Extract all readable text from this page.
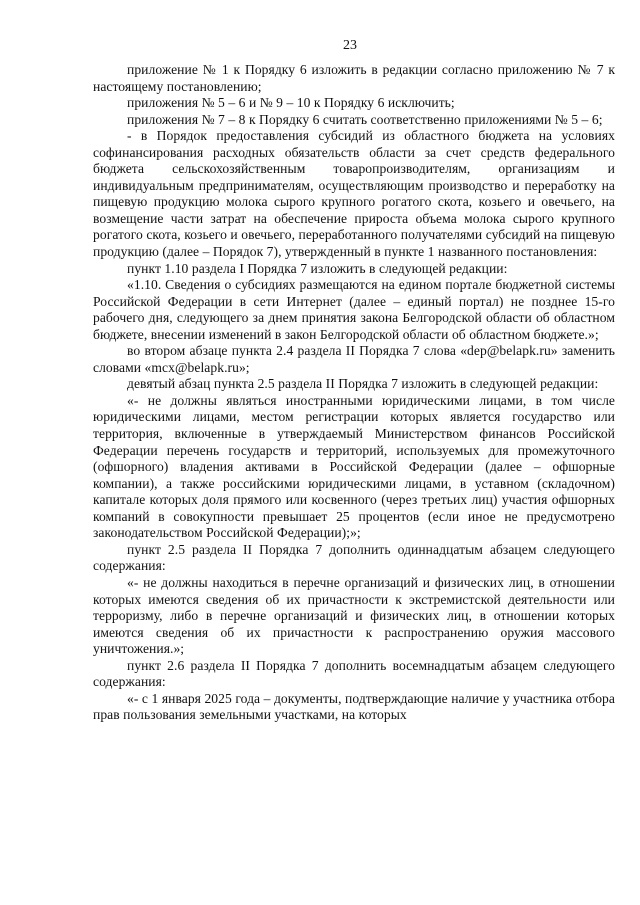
23

приложение № 1 к Порядку 6 изложить в редакции согласно приложению № 7 к настоящему постановлению;

приложения № 5 – 6 и № 9 – 10 к Порядку 6 исключить;

приложения № 7 – 8 к Порядку 6 считать соответственно приложениями № 5 – 6;

- в Порядок предоставления субсидий из областного бюджета на условиях софинансирования расходных обязательств области за счет средств федерального бюджета сельскохозяйственным товаропроизводителям, организациям и индивидуальным предпринимателям, осуществляющим производство и переработку на пищевую продукцию молока сырого крупного рогатого скота, козьего и овечьего, на возмещение части затрат на обеспечение прироста объема молока сырого крупного рогатого скота, козьего и овечьего, переработанного получателями субсидий на пищевую продукцию (далее – Порядок 7), утвержденный в пункте 1 названного постановления:

пункт 1.10 раздела I Порядка 7 изложить в следующей редакции:

«1.10. Сведения о субсидиях размещаются на едином портале бюджетной системы Российской Федерации в сети Интернет (далее – единый портал) не позднее 15-го рабочего дня, следующего за днем принятия закона Белгородской области об областном бюджете, внесении изменений в закон Белгородской области об областном бюджете.»;

во втором абзаце пункта 2.4 раздела II Порядка 7 слова «dep@belapk.ru» заменить словами «mcx@belapk.ru»;

девятый абзац пункта 2.5 раздела II Порядка 7 изложить в следующей редакции:

«- не должны являться иностранными юридическими лицами, в том числе юридическими лицами, местом регистрации которых является государство или территория, включенные в утверждаемый Министерством финансов Российской Федерации перечень государств и территорий, используемых для промежуточного (офшорного) владения активами в Российской Федерации (далее – офшорные компании), а также российскими юридическими лицами, в уставном (складочном) капитале которых доля прямого или косвенного (через третьих лиц) участия офшорных компаний в совокупности превышает 25 процентов (если иное не предусмотрено законодательством Российской Федерации);»;

пункт 2.5 раздела II Порядка 7 дополнить одиннадцатым абзацем следующего содержания:

«- не должны находиться в перечне организаций и физических лиц, в отношении которых имеются сведения об их причастности к экстремистской деятельности или терроризму, либо в перечне организаций и физических лиц, в отношении которых имеются сведения об их причастности к распространению оружия массового уничтожения.»;

пункт 2.6 раздела II Порядка 7 дополнить восемнадцатым абзацем следующего содержания:

«- с 1 января 2025 года – документы, подтверждающие наличие у участника отбора прав пользования земельными участками, на которых
